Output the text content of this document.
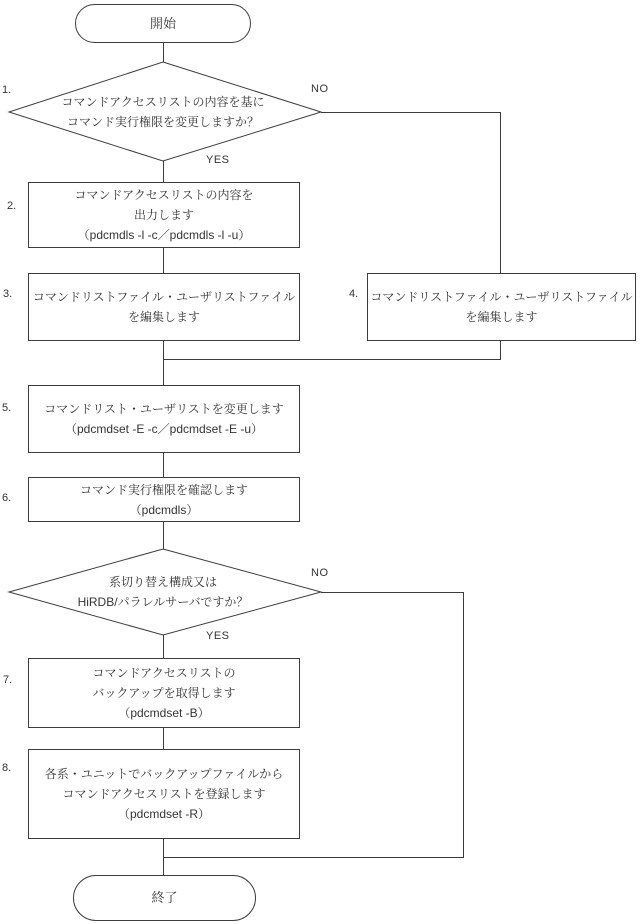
開始
1.
コマンドアクセスリストの内容を基に
コマンド実行権限を変更しますか？
NO
YES
2.
コマンドアクセスリストの内容を
出力します
（pdcmdls -l -c／pdcmdls -l -u）
3. コマンドリストファイル・ユーザリストファイル
を編集します
4. コマンドリストファイル・ユーザリストファイル
を編集します
5.	コマンドリスト・ユーザリストを変更します
（pdcmdset -E -c／pdcmdset -E -u）
6.
コマンド実行権限を確認します
（pdcmdls）
系切り替え構成又は
HiRDB/パラレルサーバですか？
NO
YES
7.	コマンドアクセスリストの
バックアップを取得します
（pdcmdset -B）
8.	各系・ユニットでバックアップファイルから
コマンドアクセスリストを登録します
（pdcmdset -R）
終了
